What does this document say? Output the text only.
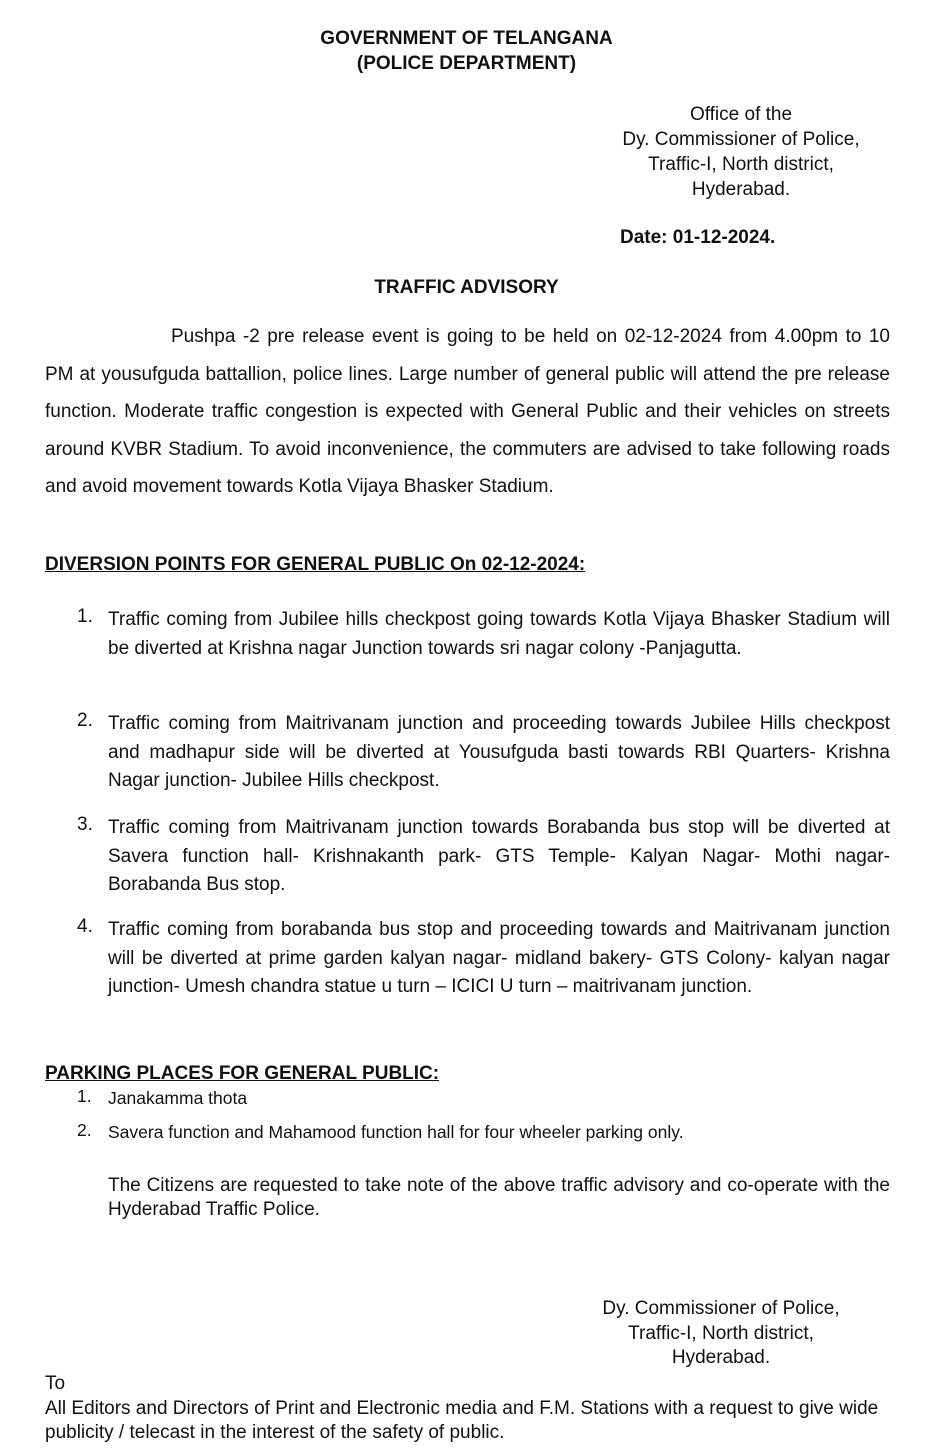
GOVERNMENT OF TELANGANA
(POLICE DEPARTMENT)
Office of the
Dy. Commissioner of Police,
Traffic-I, North district,
Hyderabad.
Date: 01-12-2024.
TRAFFIC ADVISORY
Pushpa -2 pre release event is going to be held on 02-12-2024 from 4.00pm to 10 PM at yousufguda battallion, police lines. Large number of general public will attend the pre release function. Moderate traffic congestion is expected with General Public and their vehicles on streets around KVBR Stadium. To avoid inconvenience, the commuters are advised to take following roads and avoid movement towards Kotla Vijaya Bhasker Stadium.
DIVERSION POINTS FOR GENERAL PUBLIC On 02-12-2024:
1. Traffic coming from Jubilee hills checkpost going towards Kotla Vijaya Bhasker Stadium will be diverted at Krishna nagar Junction towards sri nagar colony -Panjagutta.
2. Traffic coming from Maitrivanam junction and proceeding towards Jubilee Hills checkpost and madhapur side will be diverted at Yousufguda basti towards RBI Quarters- Krishna Nagar junction- Jubilee Hills checkpost.
3. Traffic coming from Maitrivanam junction towards Borabanda bus stop will be diverted at Savera function hall- Krishnakanth park- GTS Temple- Kalyan Nagar- Mothi nagar- Borabanda Bus stop.
4. Traffic coming from borabanda bus stop and proceeding towards and Maitrivanam junction will be diverted at prime garden kalyan nagar- midland bakery- GTS Colony- kalyan nagar junction- Umesh chandra statue u turn – ICICI U turn – maitrivanam junction.
PARKING PLACES FOR GENERAL PUBLIC:
1. Janakamma thota
2. Savera function and Mahamood function hall for four wheeler parking only.
The Citizens are requested to take note of the above traffic advisory and co-operate with the Hyderabad Traffic Police.
Dy. Commissioner of Police,
Traffic-I, North district,
Hyderabad.
To
All Editors and Directors of Print and Electronic media and F.M. Stations with a request to give wide publicity / telecast in the interest of the safety of public.
